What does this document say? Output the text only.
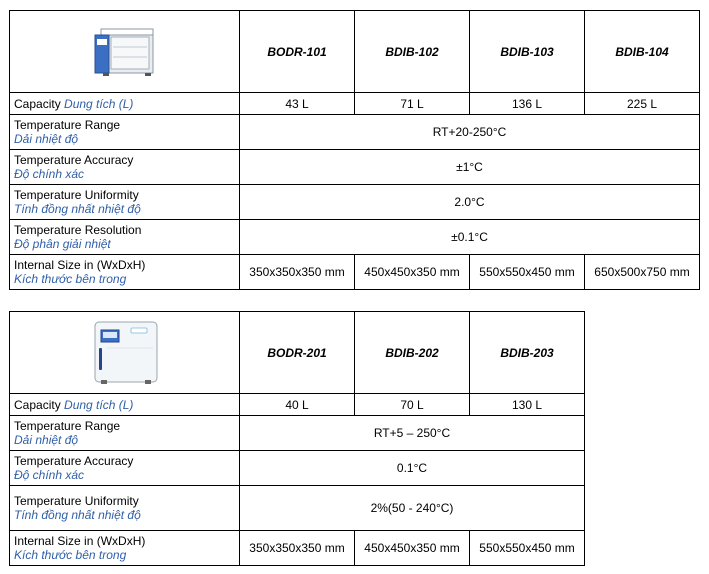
	BODR-101	BDIB-102	BDIB-103	BDIB-104
Capacity Dung tích (L)	43 L	71 L	136 L	225 L

Temperature Range
Dải nhiệt độ	RT+20-250°C			

Temperature Accuracy
Độ chính xác	±1°C			

Temperature Uniformity
Tính đồng nhất nhiệt độ	2.0°C			

Temperature Resolution
Độ phân giải nhiệt	±0.1°C			

Internal Size in (WxDxH)
Kích thước bên trong	350x350x350 mm	450x450x350 mm	550x550x450 mm	650x500x750 mm
	BODR-201	BDIB-202	BDIB-203
Capacity Dung tích (L)	40 L	70 L	130 L

Temperature Range
Dải nhiệt độ	RT+5 – 250°C		

Temperature Accuracy
Độ chính xác	0.1°C		

Temperature Uniformity
Tính đồng nhất nhiệt độ	2%(50 - 240°C)		

Internal Size in (WxDxH)
Kích thước bên trong	350x350x350 mm	450x450x350 mm	550x550x450 mm
